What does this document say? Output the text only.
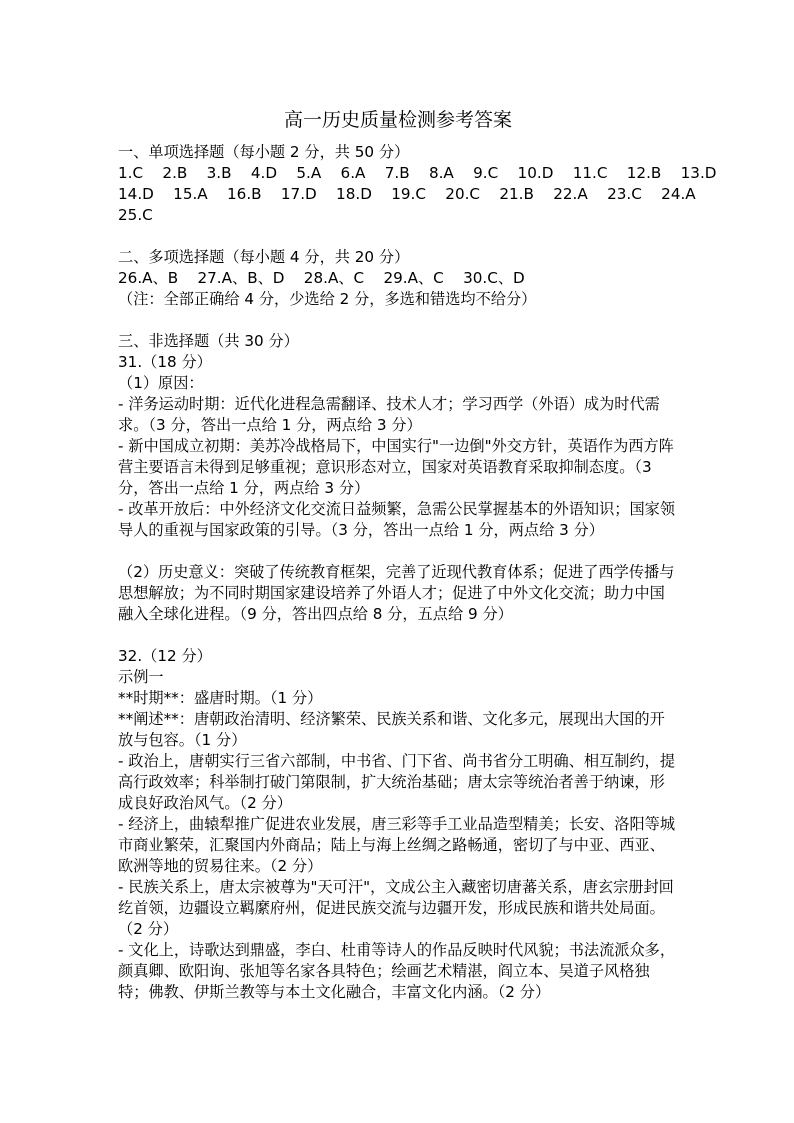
高一历史质量检测参考答案
一、单项选择题（每小题 2 分，共 50 分）
1.C    2.B    3.B    4.D    5.A    6.A    7.B    8.A    9.C    10.D    11.C    12.B    13.D
14.D    15.A    16.B    17.D    18.D    19.C    20.C    21.B    22.A    23.C    24.A
25.C
二、多项选择题（每小题 4 分，共 20 分）
26.A、B    27.A、B、D    28.A、C    29.A、C    30.C、D
（注：全部正确给 4 分，少选给 2 分，多选和错选均不给分）
三、非选择题（共 30 分）
31.（18 分）
（1）原因：
- 洋务运动时期：近代化进程急需翻译、技术人才；学习西学（外语）成为时代需求。（3 分，答出一点给 1 分，两点给 3 分）
- 新中国成立初期：美苏冷战格局下，中国实行"一边倒"外交方针，英语作为西方阵营主要语言未得到足够重视；意识形态对立，国家对英语教育采取抑制态度。（3 分，答出一点给 1 分，两点给 3 分）
- 改革开放后：中外经济文化交流日益频繁，急需公民掌握基本的外语知识；国家领导人的重视与国家政策的引导。（3 分，答出一点给 1 分，两点给 3 分）
（2）历史意义：突破了传统教育框架，完善了近现代教育体系；促进了西学传播与思想解放；为不同时期国家建设培养了外语人才；促进了中外文化交流；助力中国融入全球化进程。（9 分，答出四点给 8 分，五点给 9 分）
32.（12 分）
示例一
**时期**：盛唐时期。（1 分）
**阐述**：唐朝政治清明、经济繁荣、民族关系和谐、文化多元，展现出大国的开放与包容。（1 分）
- 政治上，唐朝实行三省六部制，中书省、门下省、尚书省分工明确、相互制约，提高行政效率；科举制打破门第限制，扩大统治基础；唐太宗等统治者善于纳谏，形成良好政治风气。（2 分）
- 经济上，曲辕犁推广促进农业发展，唐三彩等手工业品造型精美；长安、洛阳等城市商业繁荣，汇聚国内外商品；陆上与海上丝绸之路畅通，密切了与中亚、西亚、欧洲等地的贸易往来。（2 分）
- 民族关系上，唐太宗被尊为"天可汗"，文成公主入藏密切唐蕃关系，唐玄宗册封回纥首领，边疆设立羁縻府州，促进民族交流与边疆开发，形成民族和谐共处局面。（2 分）
- 文化上，诗歌达到鼎盛，李白、杜甫等诗人的作品反映时代风貌；书法流派众多，颜真卿、欧阳询、张旭等名家各具特色；绘画艺术精湛，阎立本、吴道子风格独特；佛教、伊斯兰教等与本土文化融合，丰富文化内涵。（2 分）
